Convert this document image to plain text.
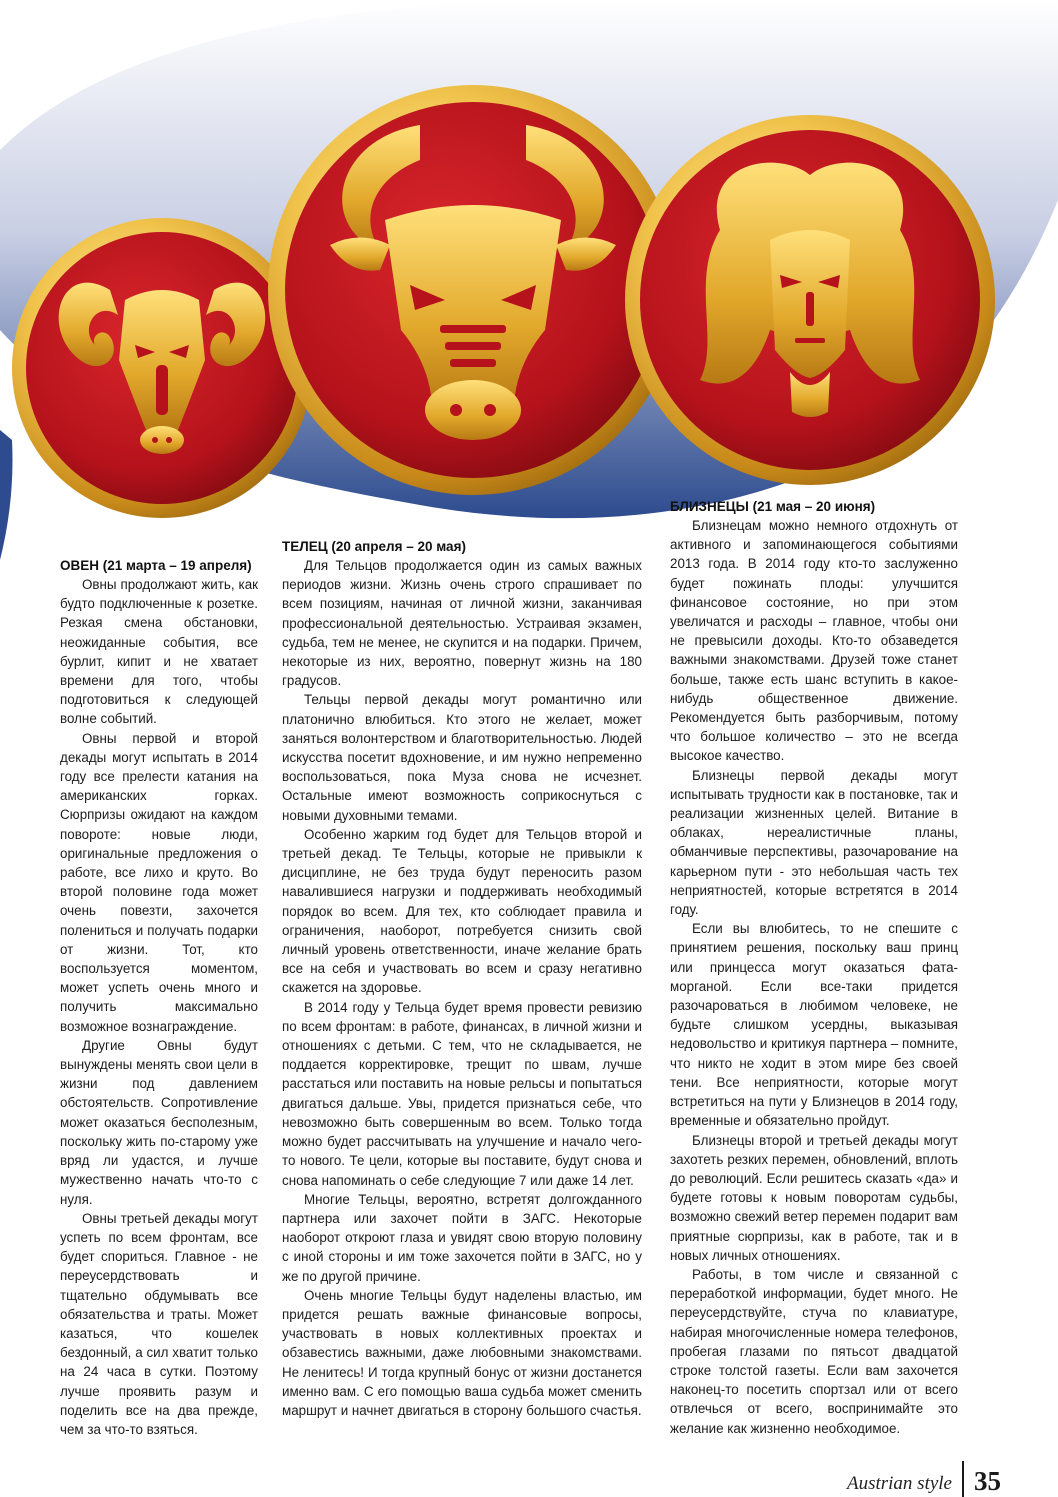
ОВЕН (21 марта – 19 апреля)

Овны продолжают жить, как будто подключенные к розетке. Резкая смена обстановки, неожиданные события, все бурлит, кипит и не хватает времени для того, чтобы подготовиться к следующей волне событий.

Овны первой и второй декады могут испытать в 2014 году все прелести катания на американских горках. Сюрпризы ожидают на каждом повороте: новые люди, оригинальные предложения о работе, все лихо и круто. Во второй половине года может очень повезти, захочется полениться и получать подарки от жизни. Тот, кто воспользуется моментом, может успеть очень много и получить максимально возможное вознаграждение.

Другие Овны будут вынуждены менять свои цели в жизни под давлением обстоятельств. Сопротивление может оказаться бесполезным, поскольку жить по-старому уже вряд ли удастся, и лучше мужественно начать что-то с нуля.

Овны третьей декады могут успеть по всем фронтам, все будет спориться. Главное - не переусердствовать и тщательно обдумывать все обязательства и траты. Может казаться, что кошелек бездонный, а сил хватит только на 24 часа в сутки. Поэтому лучше проявить разум и поделить все на два прежде, чем за что-то взяться.

ТЕЛЕЦ (20 апреля – 20 мая)

Для Тельцов продолжается один из самых важных периодов жизни. Жизнь очень строго спрашивает по всем позициям, начиная от личной жизни, заканчивая профессиональной деятельностью. Устраивая экзамен, судьба, тем не менее, не скупится и на подарки. Причем, некоторые из них, вероятно, повернут жизнь на 180 градусов.

Тельцы первой декады могут романтично или платонично влюбиться. Кто этого не желает, может заняться волонтерством и благотворительностью. Людей искусства посетит вдохновение, и им нужно непременно воспользоваться, пока Муза снова не исчезнет. Остальные имеют возможность соприкоснуться с новыми духовными темами.

Особенно жарким год будет для Тельцов второй и третьей декад. Те Тельцы, которые не привыкли к дисциплине, не без труда будут переносить разом навалившиеся нагрузки и поддерживать необходимый порядок во всем. Для тех, кто соблюдает правила и ограничения, наоборот, потребуется снизить свой личный уровень ответственности, иначе желание брать все на себя и участвовать во всем и сразу негативно скажется на здоровье.

В 2014 году у Тельца будет время провести ревизию по всем фронтам: в работе, финансах, в личной жизни и отношениях с детьми. С тем, что не складывается, не поддается корректировке, трещит по швам, лучше расстаться или поставить на новые рельсы и попытаться двигаться дальше. Увы, придется признаться себе, что невозможно быть совершенным во всем. Только тогда можно будет рассчитывать на улучшение и начало чего-то нового. Те цели, которые вы поставите, будут снова и снова напоминать о себе следующие 7 или даже 14 лет.

Многие Тельцы, вероятно, встретят долгожданного партнера или захочет пойти в ЗАГС. Некоторые наоборот откроют глаза и увидят свою вторую половину с иной стороны и им тоже захочется пойти в ЗАГС, но у же по другой причине.

Очень многие Тельцы будут наделены властью, им придется решать важные финансовые вопросы, участвовать в новых коллективных проектах и обзавестись важными, даже любовными знакомствами. Не ленитесь! И тогда крупный бонус от жизни достанется именно вам. С его помощью ваша судьба может сменить маршрут и начнет двигаться в сторону большого счастья.

БЛИЗНЕЦЫ (21 мая – 20 июня)

Близнецам можно немного отдохнуть от активного и запоминающегося событиями 2013 года. В 2014 году кто-то заслуженно будет пожинать плоды: улучшится финансовое состояние, но при этом увеличатся и расходы – главное, чтобы они не превысили доходы. Кто-то обзаведется важными знакомствами. Друзей тоже станет больше, также есть шанс вступить в какое-нибудь общественное движение. Рекомендуется быть разборчивым, потому что большое количество – это не всегда высокое качество.

Близнецы первой декады могут испытывать трудности как в постановке, так и реализации жизненных целей. Витание в облаках, нереалистичные планы, обманчивые перспективы, разочарование на карьерном пути - это небольшая часть тех неприятностей, которые встретятся в 2014 году.

Если вы влюбитесь, то не спешите с принятием решения, поскольку ваш принц или принцесса могут оказаться фата-морганой. Если все-таки придется разочароваться в любимом человеке, не будьте слишком усердны, выказывая недовольство и критикуя партнера – помните, что никто не ходит в этом мире без своей тени. Все неприятности, которые могут встретиться на пути у Близнецов в 2014 году, временные и обязательно пройдут.

Близнецы второй и третьей декады могут захотеть резких перемен, обновлений, вплоть до революций. Если решитесь сказать «да» и будете готовы к новым поворотам судьбы, возможно свежий ветер перемен подарит вам приятные сюрпризы, как в работе, так и в новых личных отношениях.

Работы, в том числе и связанной с переработкой информации, будет много. Не переусердствуйте, стуча по клавиатуре, набирая многочисленные номера телефонов, пробегая глазами по пятьсот двадцатой строке толстой газеты. Если вам захочется наконец-то посетить спортзал или от всего отвлечься от всего, воспринимайте это желание как жизненно необходимое.

Austrian style 35
